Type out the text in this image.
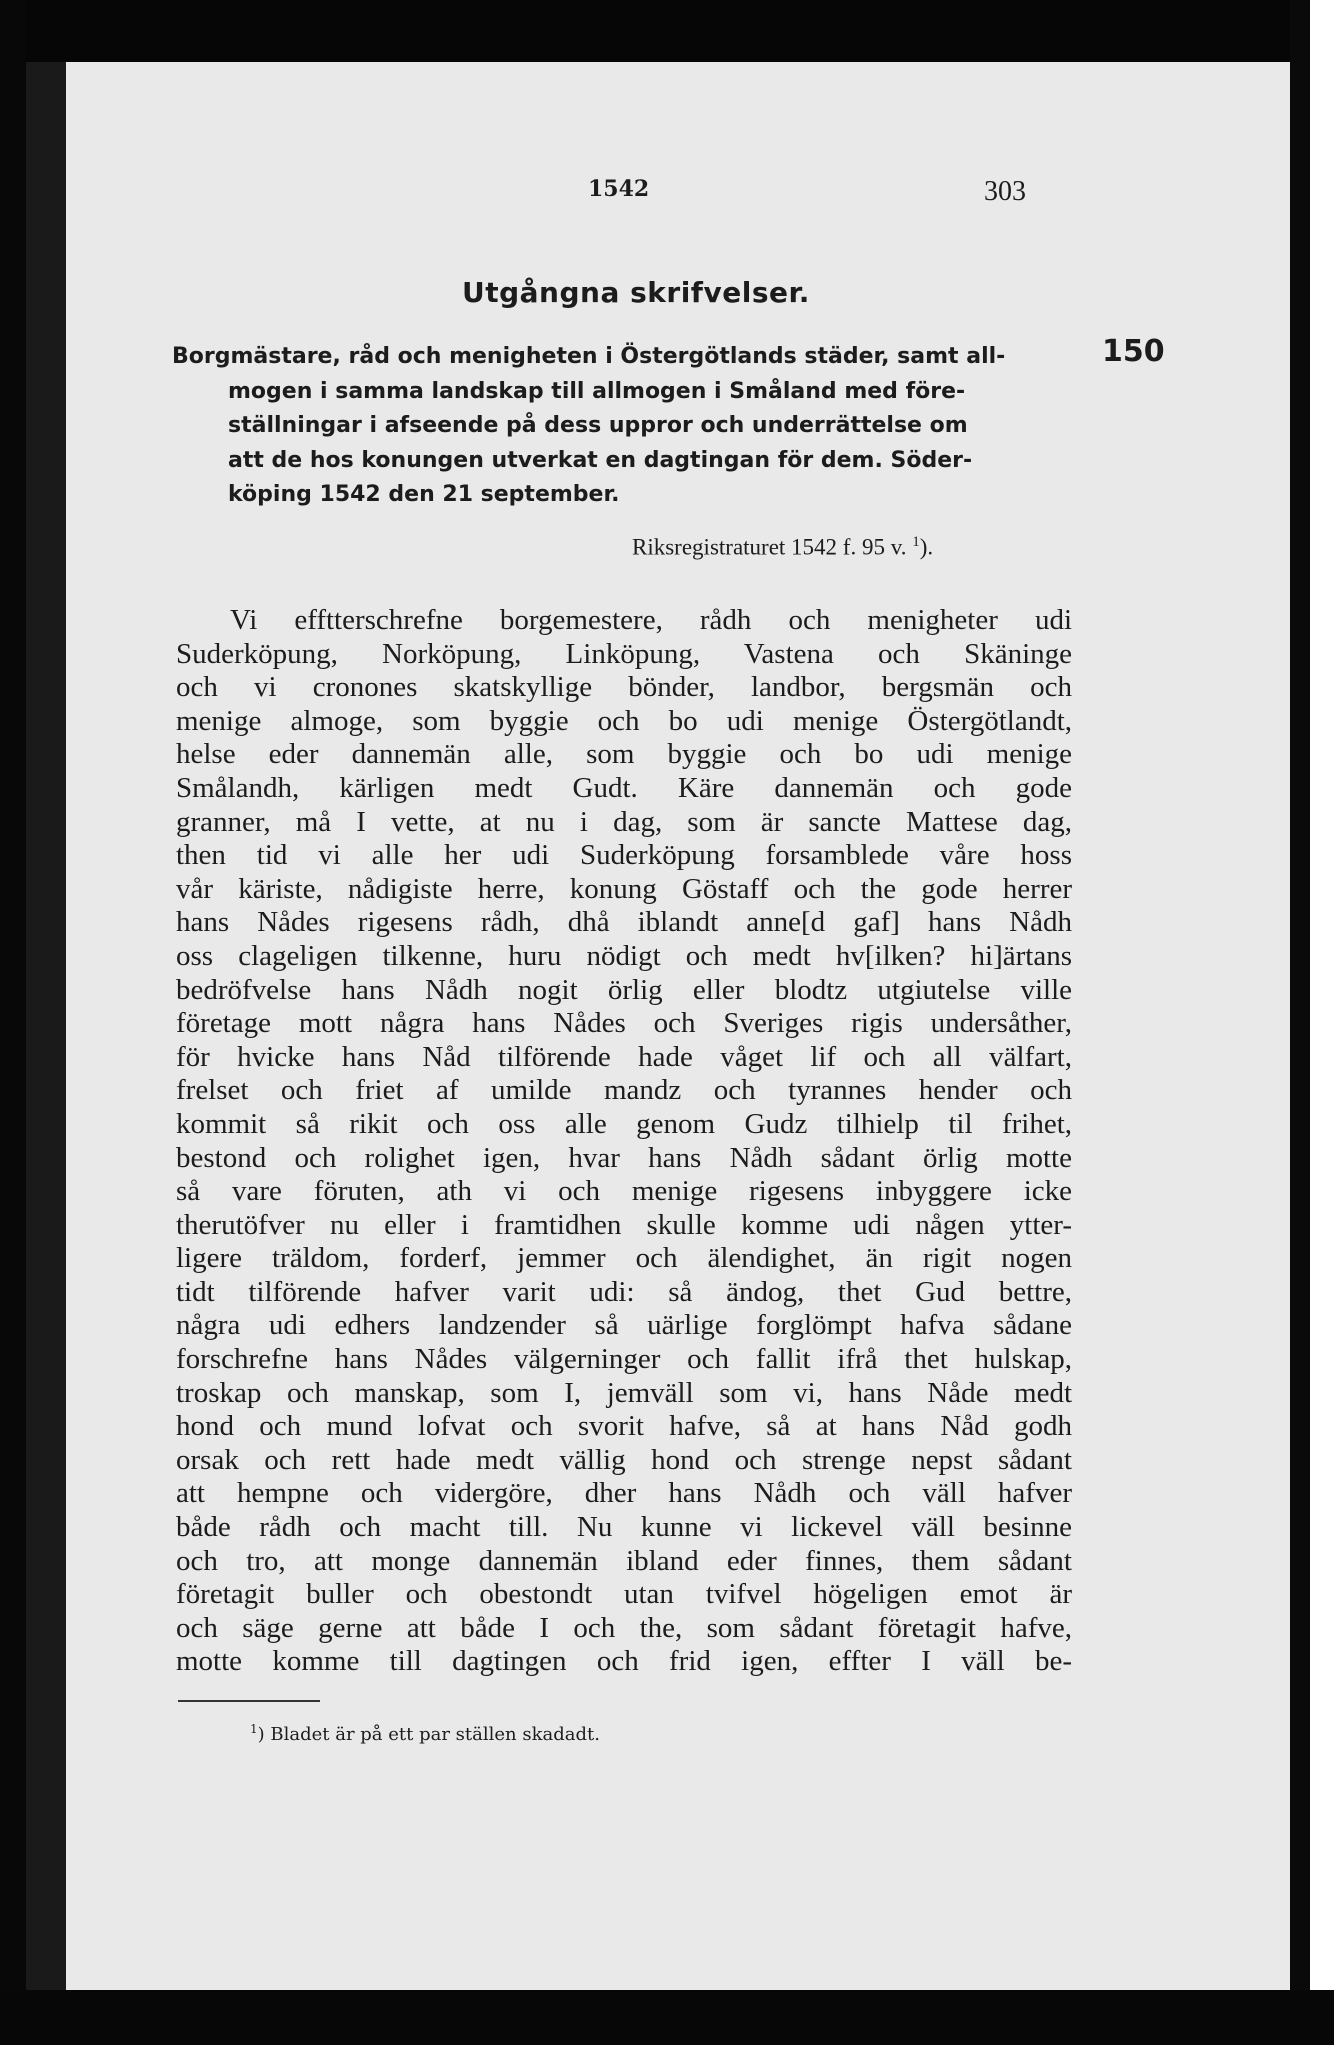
1542	303
Utgångna skrifvelser.
150
Borgmästare, råd och menigheten i Östergötlands städer, samt all-
mogen i samma landskap till allmogen i Småland med före-
ställningar i afseende på dess uppror och underrättelse om
att de hos konungen utverkat en dagtingan för dem. Söder-
köping 1542 den 21 september.
Riksregistraturet 1542 f. 95 v. $^1$).
Vi efftterschrefne borgemestere, rådh och menigheter udi
Suderköpung, Norköpung, Linköpung, Vastena och Skäninge
och vi cronones skatskyllige bönder, landbor, bergsmän och
menige almoge, som byggie och bo udi menige Östergötlandt,
helse eder dannemän alle, som byggie och bo udi menige
Smålandh, kärligen medt Gudt. Käre dannemän och gode
granner, må I vette, at nu i dag, som är sancte Mattese dag,
then tid vi alle her udi Suderköpung forsamblede våre hoss
vår käriste, nådigiste herre, konung Göstaff och the gode herrer
hans Nådes rigesens rådh, dhå iblandt anne[d gaf] hans Nådh
oss clageligen tilkenne, huru nödigt och medt hv[ilken? hi]ärtans
bedröfvelse hans Nådh nogit örlig eller blodtz utgiutelse ville
företage mott några hans Nådes och Sveriges rigis undersåther,
för hvicke hans Nåd tilförende hade våget lif och all välfart,
frelset och friet af umilde mandz och tyrannes hender och
kommit så rikit och oss alle genom Gudz tilhielp til frihet,
bestond och rolighet igen, hvar hans Nådh sådant örlig motte
så vare föruten, ath vi och menige rigesens inbyggere icke
therutöfver nu eller i framtidhen skulle komme udi någen ytter-
ligere träldom, forderf, jemmer och älendighet, än rigit nogen
tidt tilförende hafver varit udi: så ändog, thet Gud bettre,
några udi edhers landzender så uärlige forglömpt hafva sådane
forschrefne hans Nådes välgerninger och fallit ifrå thet hulskap,
troskap och manskap, som I, jemväll som vi, hans Nåde medt
hond och mund lofvat och svorit hafve, så at hans Nåd godh
orsak och rett hade medt vällig hond och strenge nepst sådant
att hempne och vidergöre, dher hans Nådh och väll hafver
både rådh och macht till. Nu kunne vi lickevel väll besinne
och tro, att monge dannemän ibland eder finnes, them sådant
företagit buller och obestondt utan tvifvel högeligen emot är
och säge gerne att både I och the, som sådant företagit hafve,
motte komme till dagtingen och frid igen, effter I väll be-
$^1$) Bladet är på ett par ställen skadadt.
